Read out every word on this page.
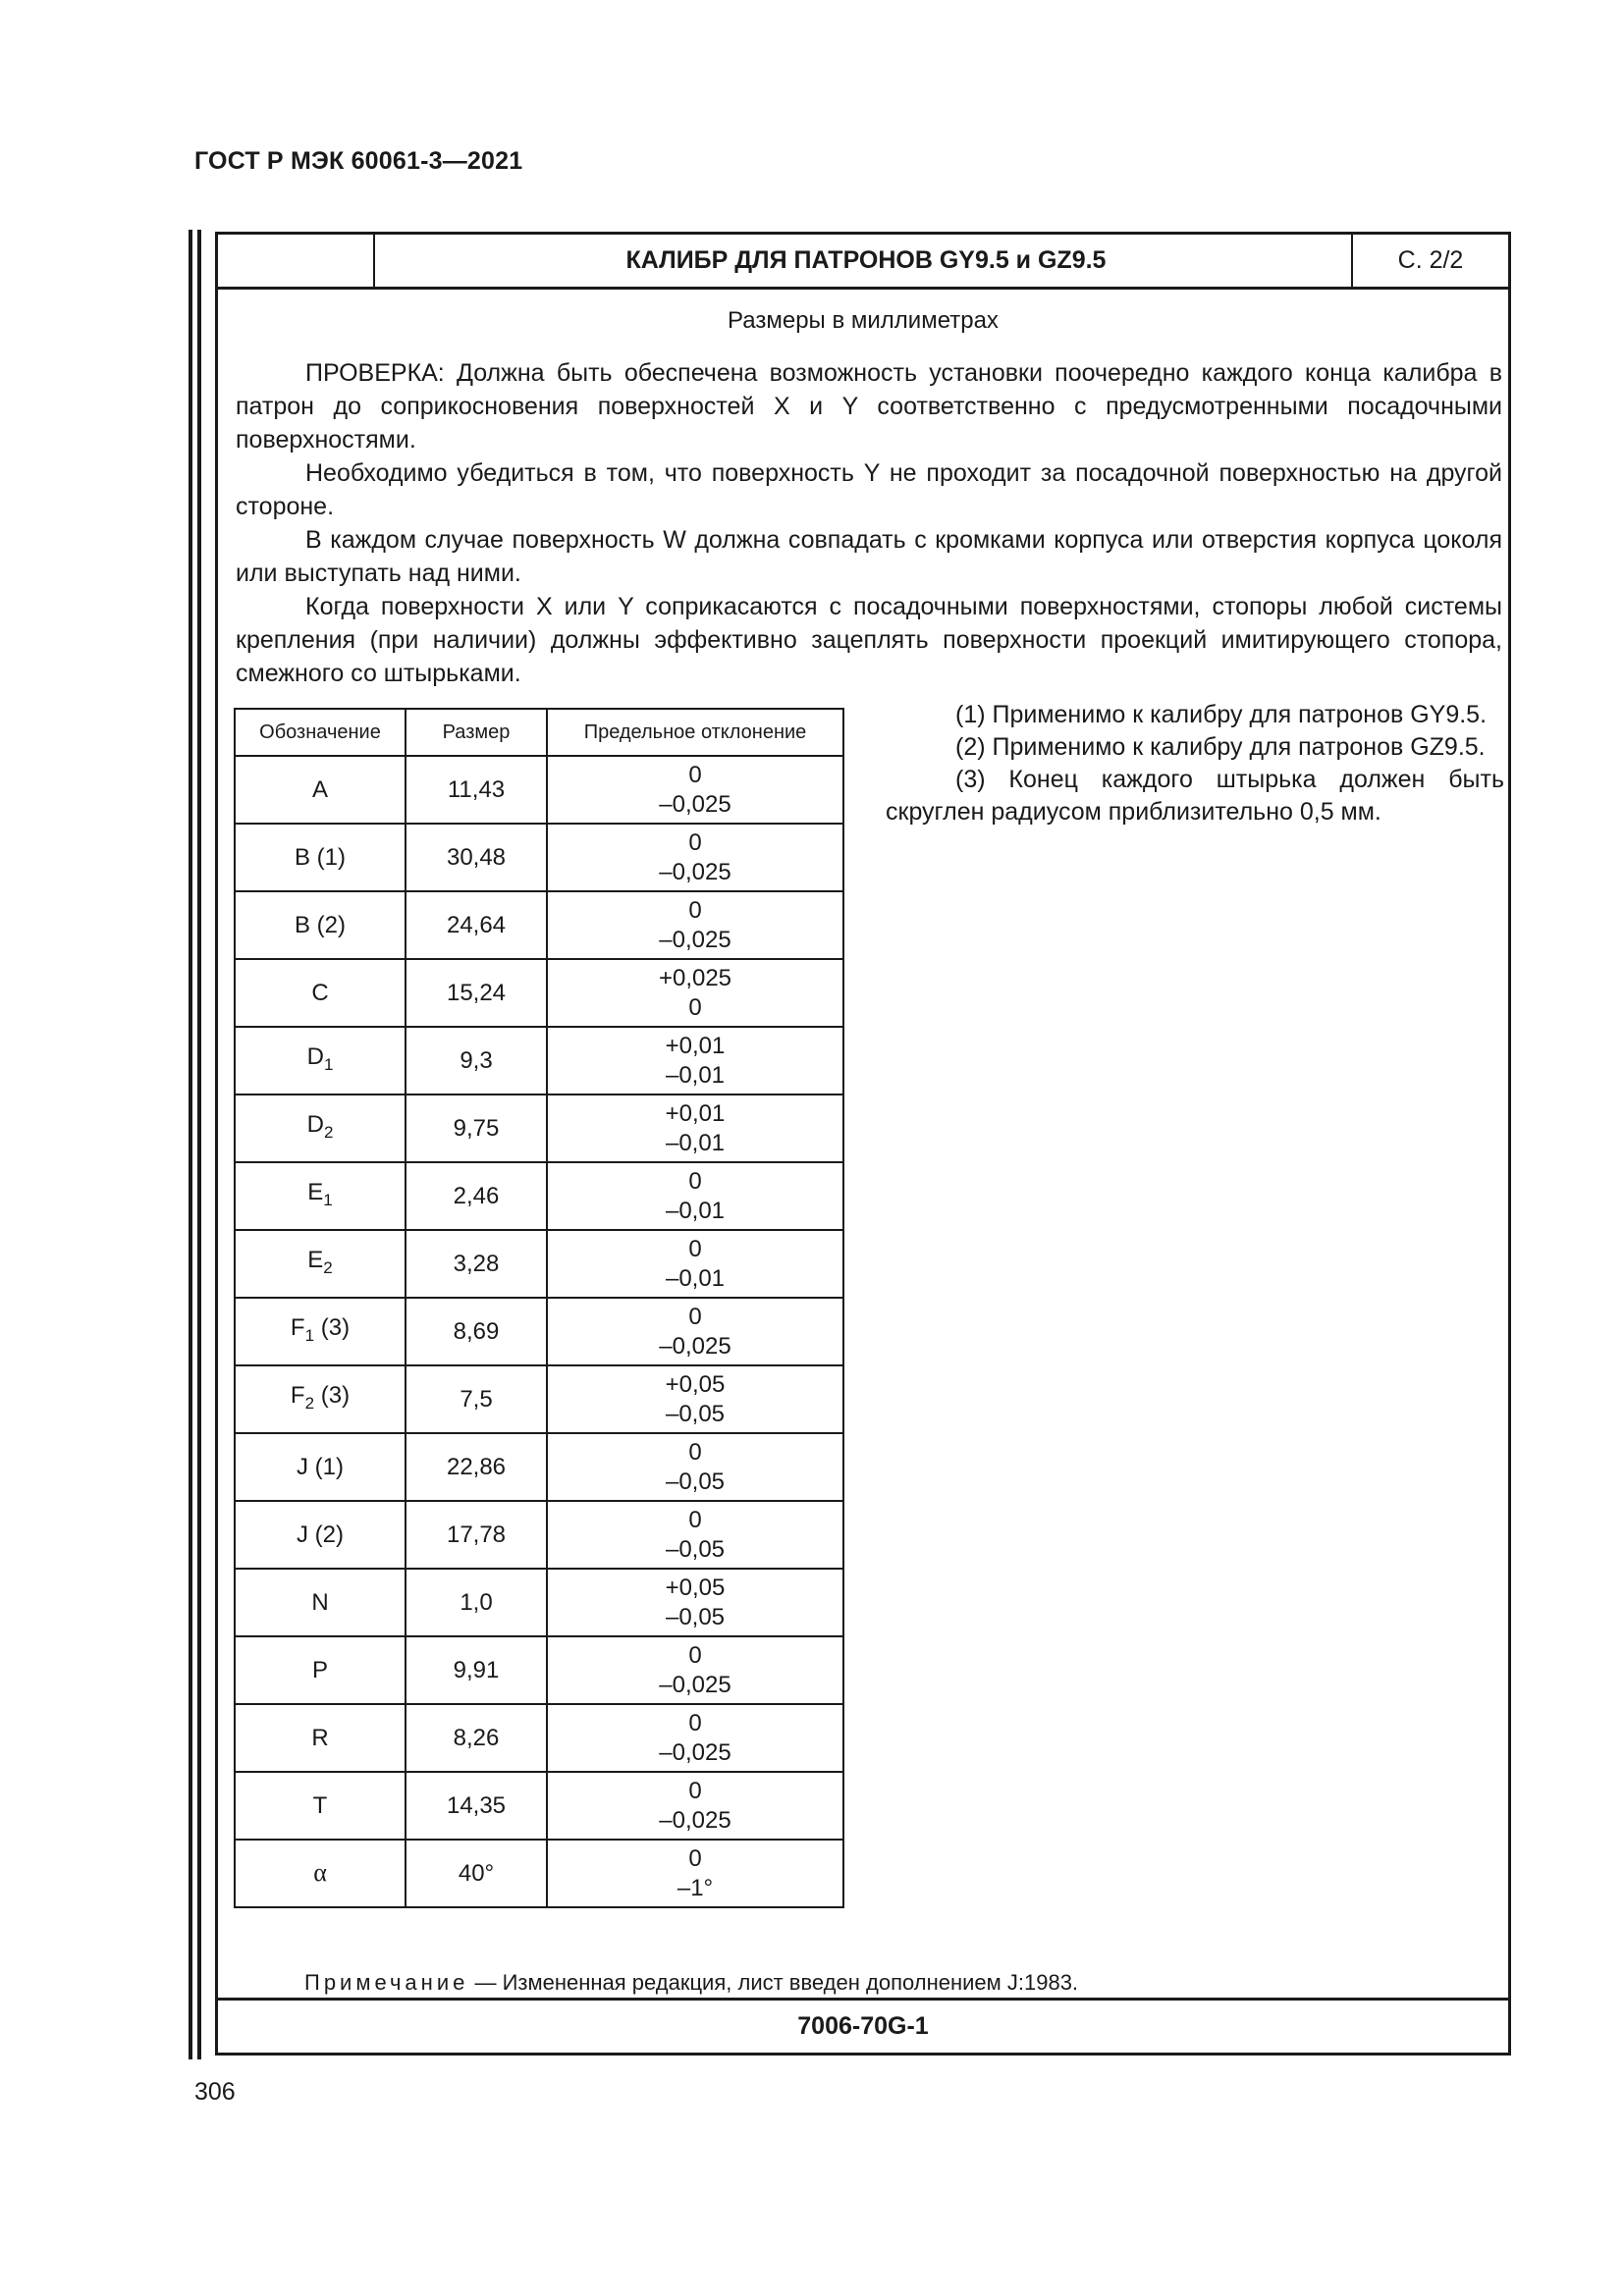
ГОСТ Р МЭК 60061-3—2021
КАЛИБР ДЛЯ ПАТРОНОВ GY9.5 и GZ9.5	С. 2/2
Размеры в миллиметрах

ПРОВЕРКА: Должна быть обеспечена возможность установки поочередно каждого конца калибра в патрон до соприкосновения поверхностей X и Y соответственно с предусмотренными посадочными поверхностями.

Необходимо убедиться в том, что поверхность Y не проходит за посадочной поверхностью на другой стороне.

В каждом случае поверхность W должна совпадать с кромками корпуса или отверстия корпуса цоколя или выступать над ними.

Когда поверхности X или Y соприкасаются с посадочными поверхностями, стопоры любой системы крепления (при наличии) должны эффективно зацеплять поверхности проекций имитирующего стопора, смежного со штырьками.

Обозначение	Размер	Предельное отклонение
A	11,43	0
–0,025

B (1)	30,48	0
–0,025

B (2)	24,64	0
–0,025

C	15,24	+0,025
0

$D_1$	9,3	+0,01
–0,01

$D_2$	9,75	+0,01
–0,01

$E_1$	2,46	0
–0,01

$E_2$	3,28	0
–0,01

$F_1$ (3)	8,69	0
–0,025

$F_2$ (3)	7,5	+0,05
–0,05

J (1)	22,86	0
–0,05

J (2)	17,78	0
–0,05

N	1,0	+0,05
–0,05

P	9,91	0
–0,025

R	8,26	0
–0,025

T	14,35	0
–0,025

α	40°	0
–1°

(1) Применимо к калибру для патронов GY9.5.

(2) Применимо к калибру для патронов GZ9.5.

(3) Конец каждого штырька должен быть скруглен радиусом приблизительно 0,5 мм.

Примечание — Измененная редакция, лист введен дополнением J:1983.
7006-70G-1
306
